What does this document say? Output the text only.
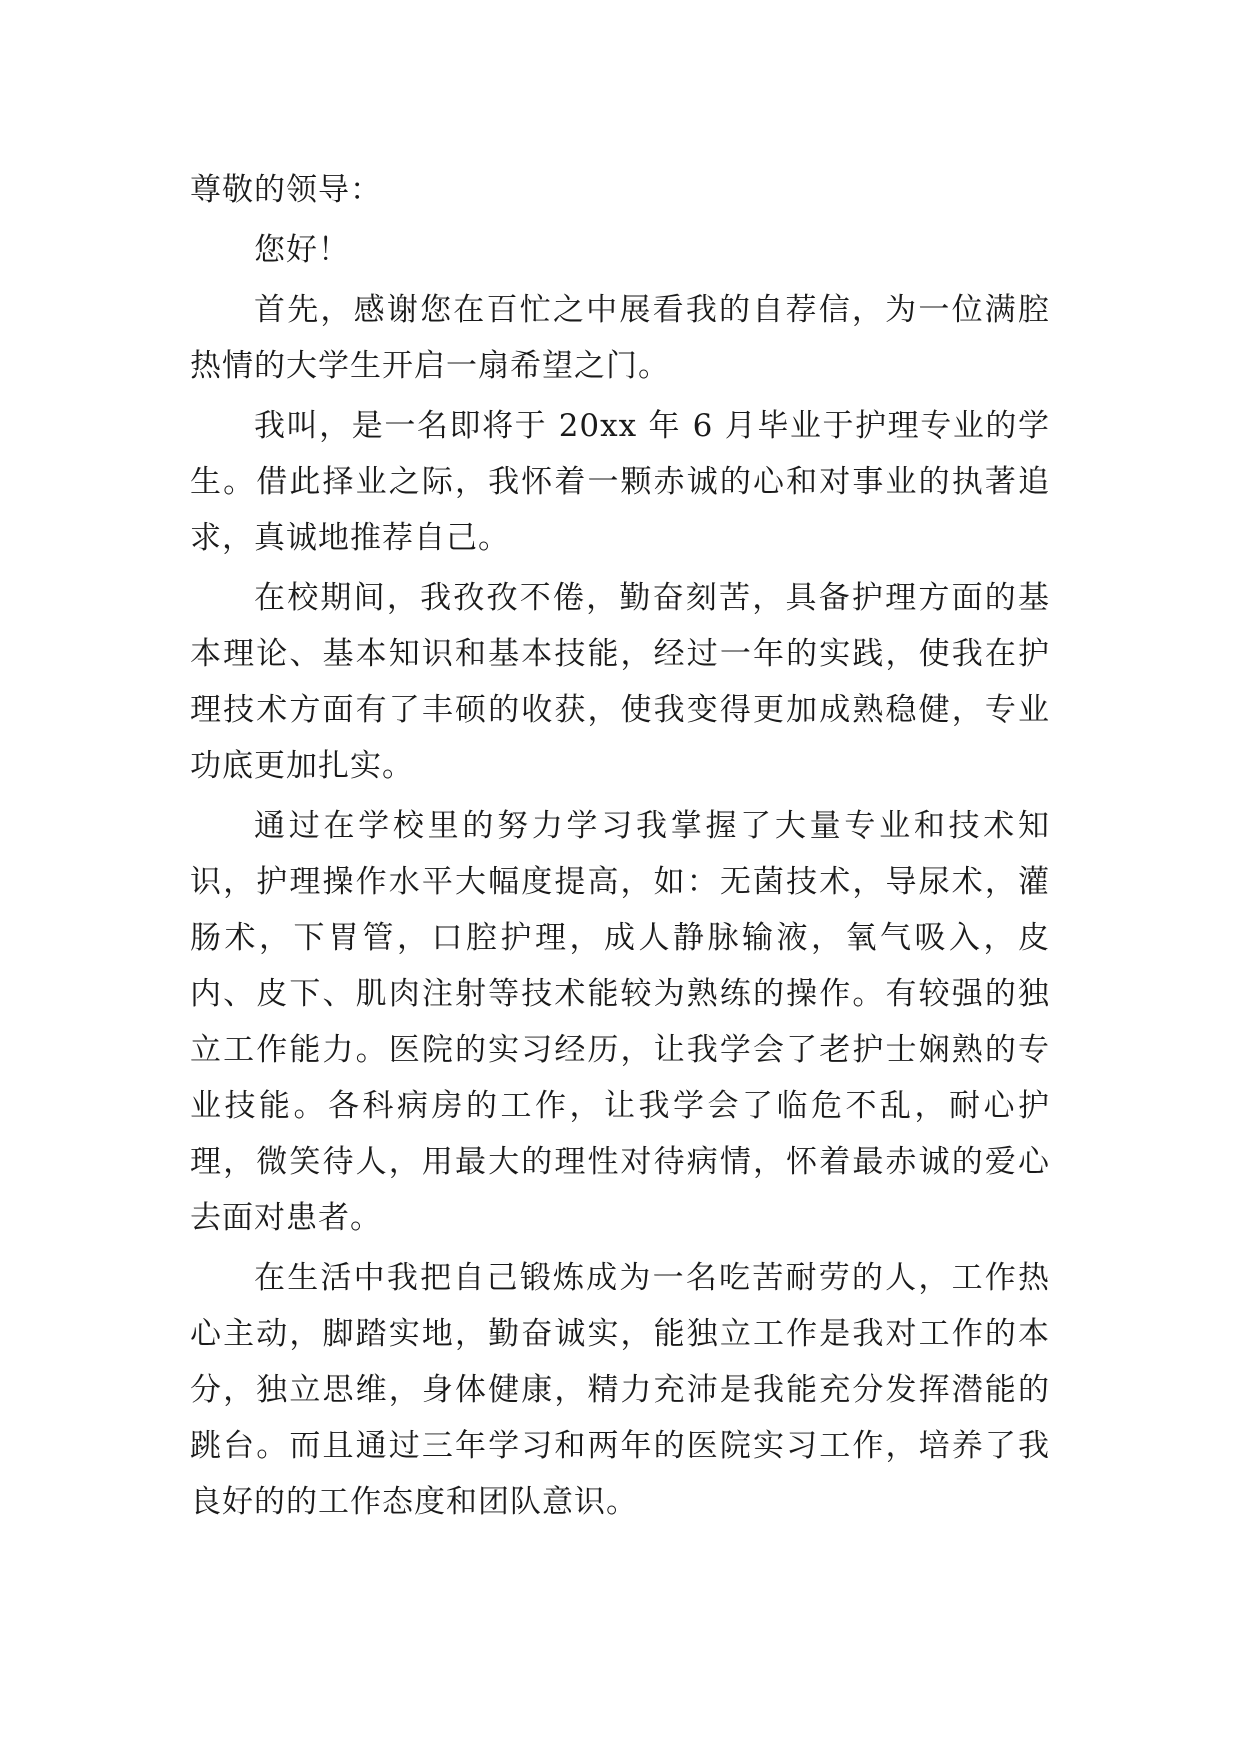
尊敬的领导：

您好！

首先，感谢您在百忙之中展看我的自荐信，为一位满腔热情的大学生开启一扇希望之门。

我叫，是一名即将于 20xx 年 6 月毕业于护理专业的学生。借此择业之际，我怀着一颗赤诚的心和对事业的执著追求，真诚地推荐自己。

在校期间，我孜孜不倦，勤奋刻苦，具备护理方面的基本理论、基本知识和基本技能，经过一年的实践，使我在护理技术方面有了丰硕的收获，使我变得更加成熟稳健，专业功底更加扎实。

通过在学校里的努力学习我掌握了大量专业和技术知识，护理操作水平大幅度提高，如：无菌技术，导尿术，灌肠术，下胃管，口腔护理，成人静脉输液，氧气吸入，皮内、皮下、肌肉注射等技术能较为熟练的操作。有较强的独立工作能力。医院的实习经历，让我学会了老护士娴熟的专业技能。各科病房的工作，让我学会了临危不乱，耐心护理，微笑待人，用最大的理性对待病情，怀着最赤诚的爱心去面对患者。

在生活中我把自己锻炼成为一名吃苦耐劳的人，工作热心主动，脚踏实地，勤奋诚实，能独立工作是我对工作的本分，独立思维，身体健康，精力充沛是我能充分发挥潜能的跳台。而且通过三年学习和两年的医院实习工作，培养了我良好的的工作态度和团队意识。
